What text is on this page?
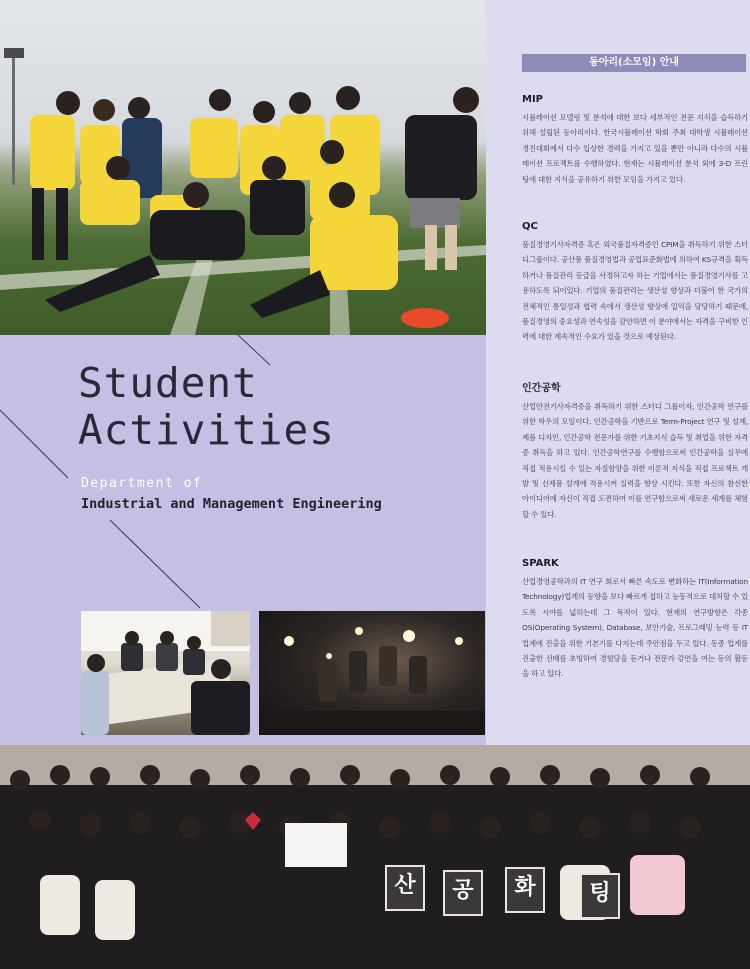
Student
Activities
Department of
Industrial and Management Engineering
동아리(소모임) 안내
MIP

시뮬레이션 모델링 및 분석에 대한 보다 세부적인 전문 지식을 습득하기 위해 설립된 동아리이다. 한국시뮬레이션 학회 주최 대학생 시뮬레이션 경진대회에서 다수 입상한 경력을 가지고 있을 뿐만 아니라 다수의 시뮬레이션 프로젝트를 수행하였다. 현재는 시뮬레이션 분석 외에 3-D 프린팅에 대한 지식을 공유하기 위한 모임을 가지고 있다.

QC

품질경영기사자격증 혹은 외국품질자격증인 CPIM을 취득하기 위한 스터디그룹이다. 공산품 품질경영법과 공업표준화법에 의하여 KS규격을 획득하거나 품질관리 등급을 사정하고자 하는 기업에서는 품질경영기사를 고용하도록 되어있다. 기업의 품질관리는 생산성 향상과 더불어 한 국가의 전체적인 통일성과 협력 속에서 생산성 향상에 일익을 담당하기 때문에, 품질경영의 중요성과 연속성을 감안하면 이 분야에서는 자격을 구비한 인력에 대한 계속적인 수요가 있을 것으로 예상된다.

인간공학

산업안전기사자격증을 취득하기 위한 스터디 그룹이자, 인간공학 연구를 위한 학우의 모임이다. 인간공학을 기반으로 Term-Project 연구 및 설계, 제품 디자인, 인간공학 전문가를 위한 기초지식 습득 및 취업을 위한 자격증 취득을 하고 있다. 인간공학연구를 수행함으로써 인간공학을 실무에 직접 적용시킬 수 있는 자질함양을 위한 이론적 지식을 직접 프로젝트 개발 및 신제품 설계에 적용시켜 실력을 향상 시킨다. 또한 자신의 참신한 아이디어에 자신이 직접 도전하여 이를 연구함으로써 새로운 세계를 체험할 수 있다.

SPARK

산업경영공학과의 IT 연구 회로서 빠른 속도로 변화하는 IT(Information Technology)업계의 동향을 보다 빠르게 접하고 능동적으로 대처할 수 있도록 시야를 넓히는데 그 목적이 있다. 현재의 연구방향은 각종 OS(Operating System), Database, 보안기술, 프로그래밍 능력 등 IT업계에 진출을 위한 기본기를 다지는데 주안점을 두고 있다. 동종 업계를 진출한 선배를 초빙하여 경험담을 듣거나 전문가 강연을 여는 등의 활동을 하고 있다.

산	공	화	팅
